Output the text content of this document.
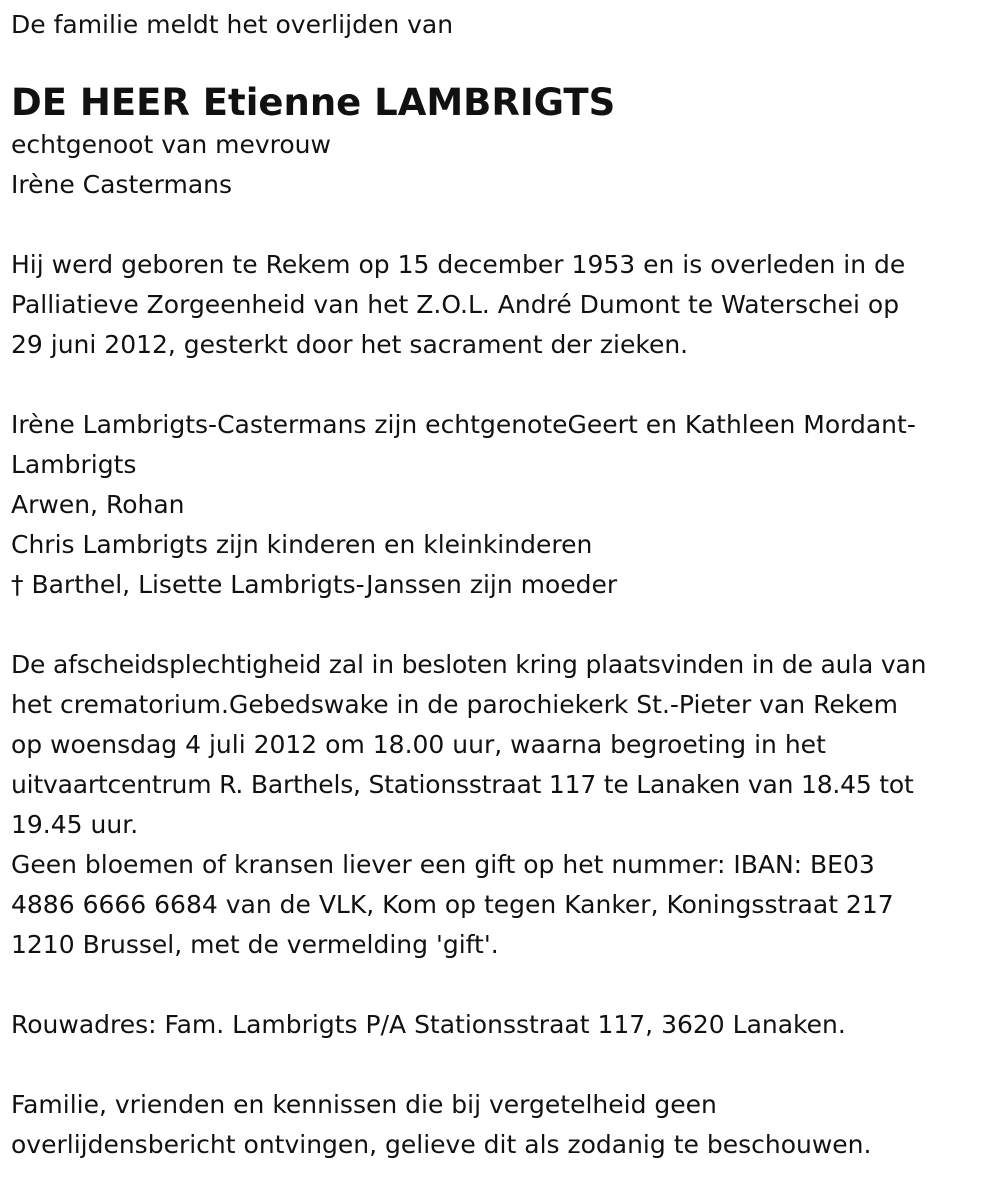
De familie meldt het overlijden van
DE HEER Etienne LAMBRIGTS
echtgenoot van mevrouw
Irène Castermans
Hij werd geboren te Rekem op 15 december 1953 en is overleden in de
Palliatieve Zorgeenheid van het Z.O.L. André Dumont te Waterschei op
29 juni 2012, gesterkt door het sacrament der zieken.
Irène Lambrigts-Castermans zijn echtgenoteGeert en Kathleen Mordant-
Lambrigts
Arwen, Rohan
Chris Lambrigts zijn kinderen en kleinkinderen
† Barthel, Lisette Lambrigts-Janssen zijn moeder
De afscheidsplechtigheid zal in besloten kring plaatsvinden in de aula van
het crematorium.Gebedswake in de parochiekerk St.-Pieter van Rekem
op woensdag 4 juli 2012 om 18.00 uur, waarna begroeting in het
uitvaartcentrum R. Barthels, Stationsstraat 117 te Lanaken van 18.45 tot
19.45 uur.
Geen bloemen of kransen liever een gift op het nummer: IBAN: BE03
4886 6666 6684 van de VLK, Kom op tegen Kanker, Koningsstraat 217
1210 Brussel, met de vermelding 'gift'.
Rouwadres: Fam. Lambrigts P/A Stationsstraat 117, 3620 Lanaken.
Familie, vrienden en kennissen die bij vergetelheid geen
overlijdensbericht ontvingen, gelieve dit als zodanig te beschouwen.
